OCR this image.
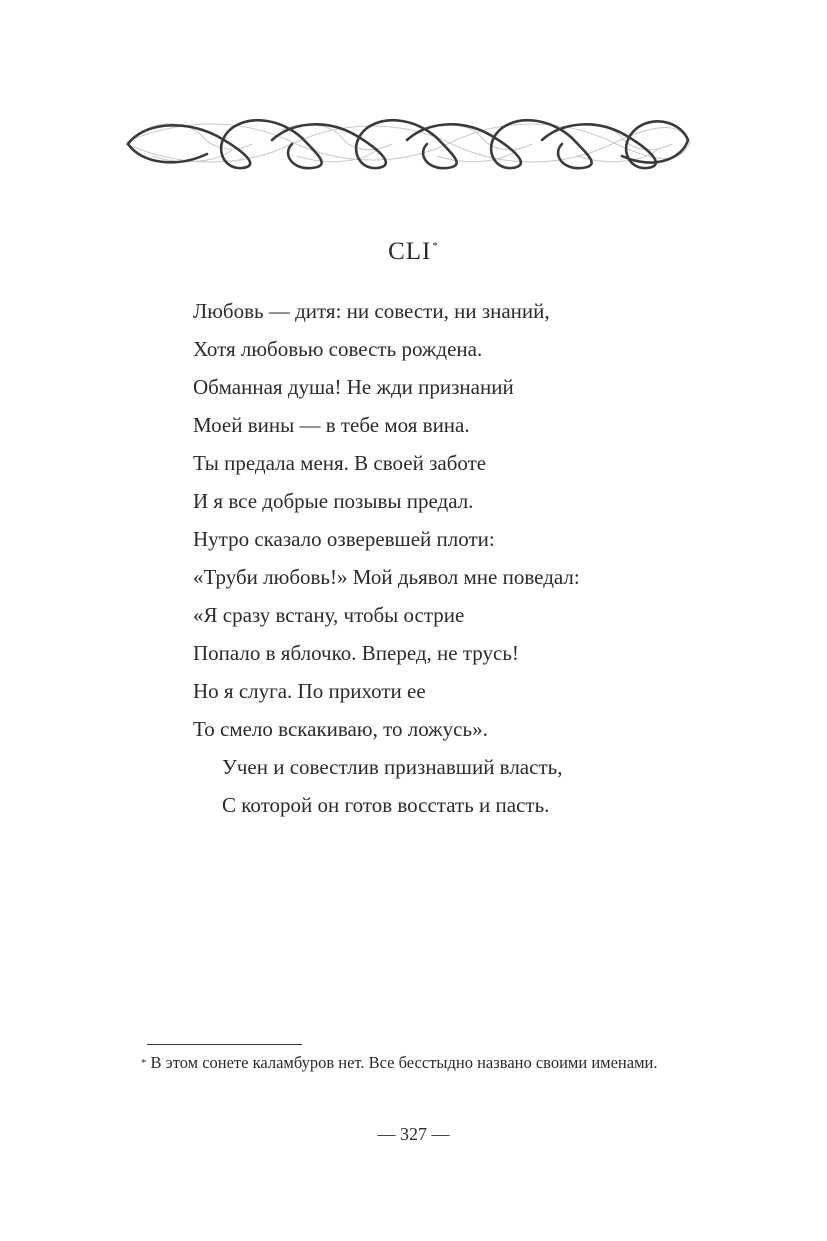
CLI*
Любовь — дитя: ни совести, ни знаний,
Хотя любовью совесть рождена.
Обманная душа! Не жди признаний
Моей вины — в тебе моя вина.
Ты предала меня. В своей заботе
И я все добрые позывы предал.
Нутро сказало озверевшей плоти:
«Труби любовь!» Мой дьявол мне поведал:
«Я сразу встану, чтобы острие
Попало в яблочко. Вперед, не трусь!
Но я слуга. По прихоти ее
То смело вскакиваю, то ложусь».
Учен и совестлив признавший власть,
С которой он готов восстать и пасть.
* В этом сонете каламбуров нет. Все бесстыдно названо своими именами.
— 327 —
